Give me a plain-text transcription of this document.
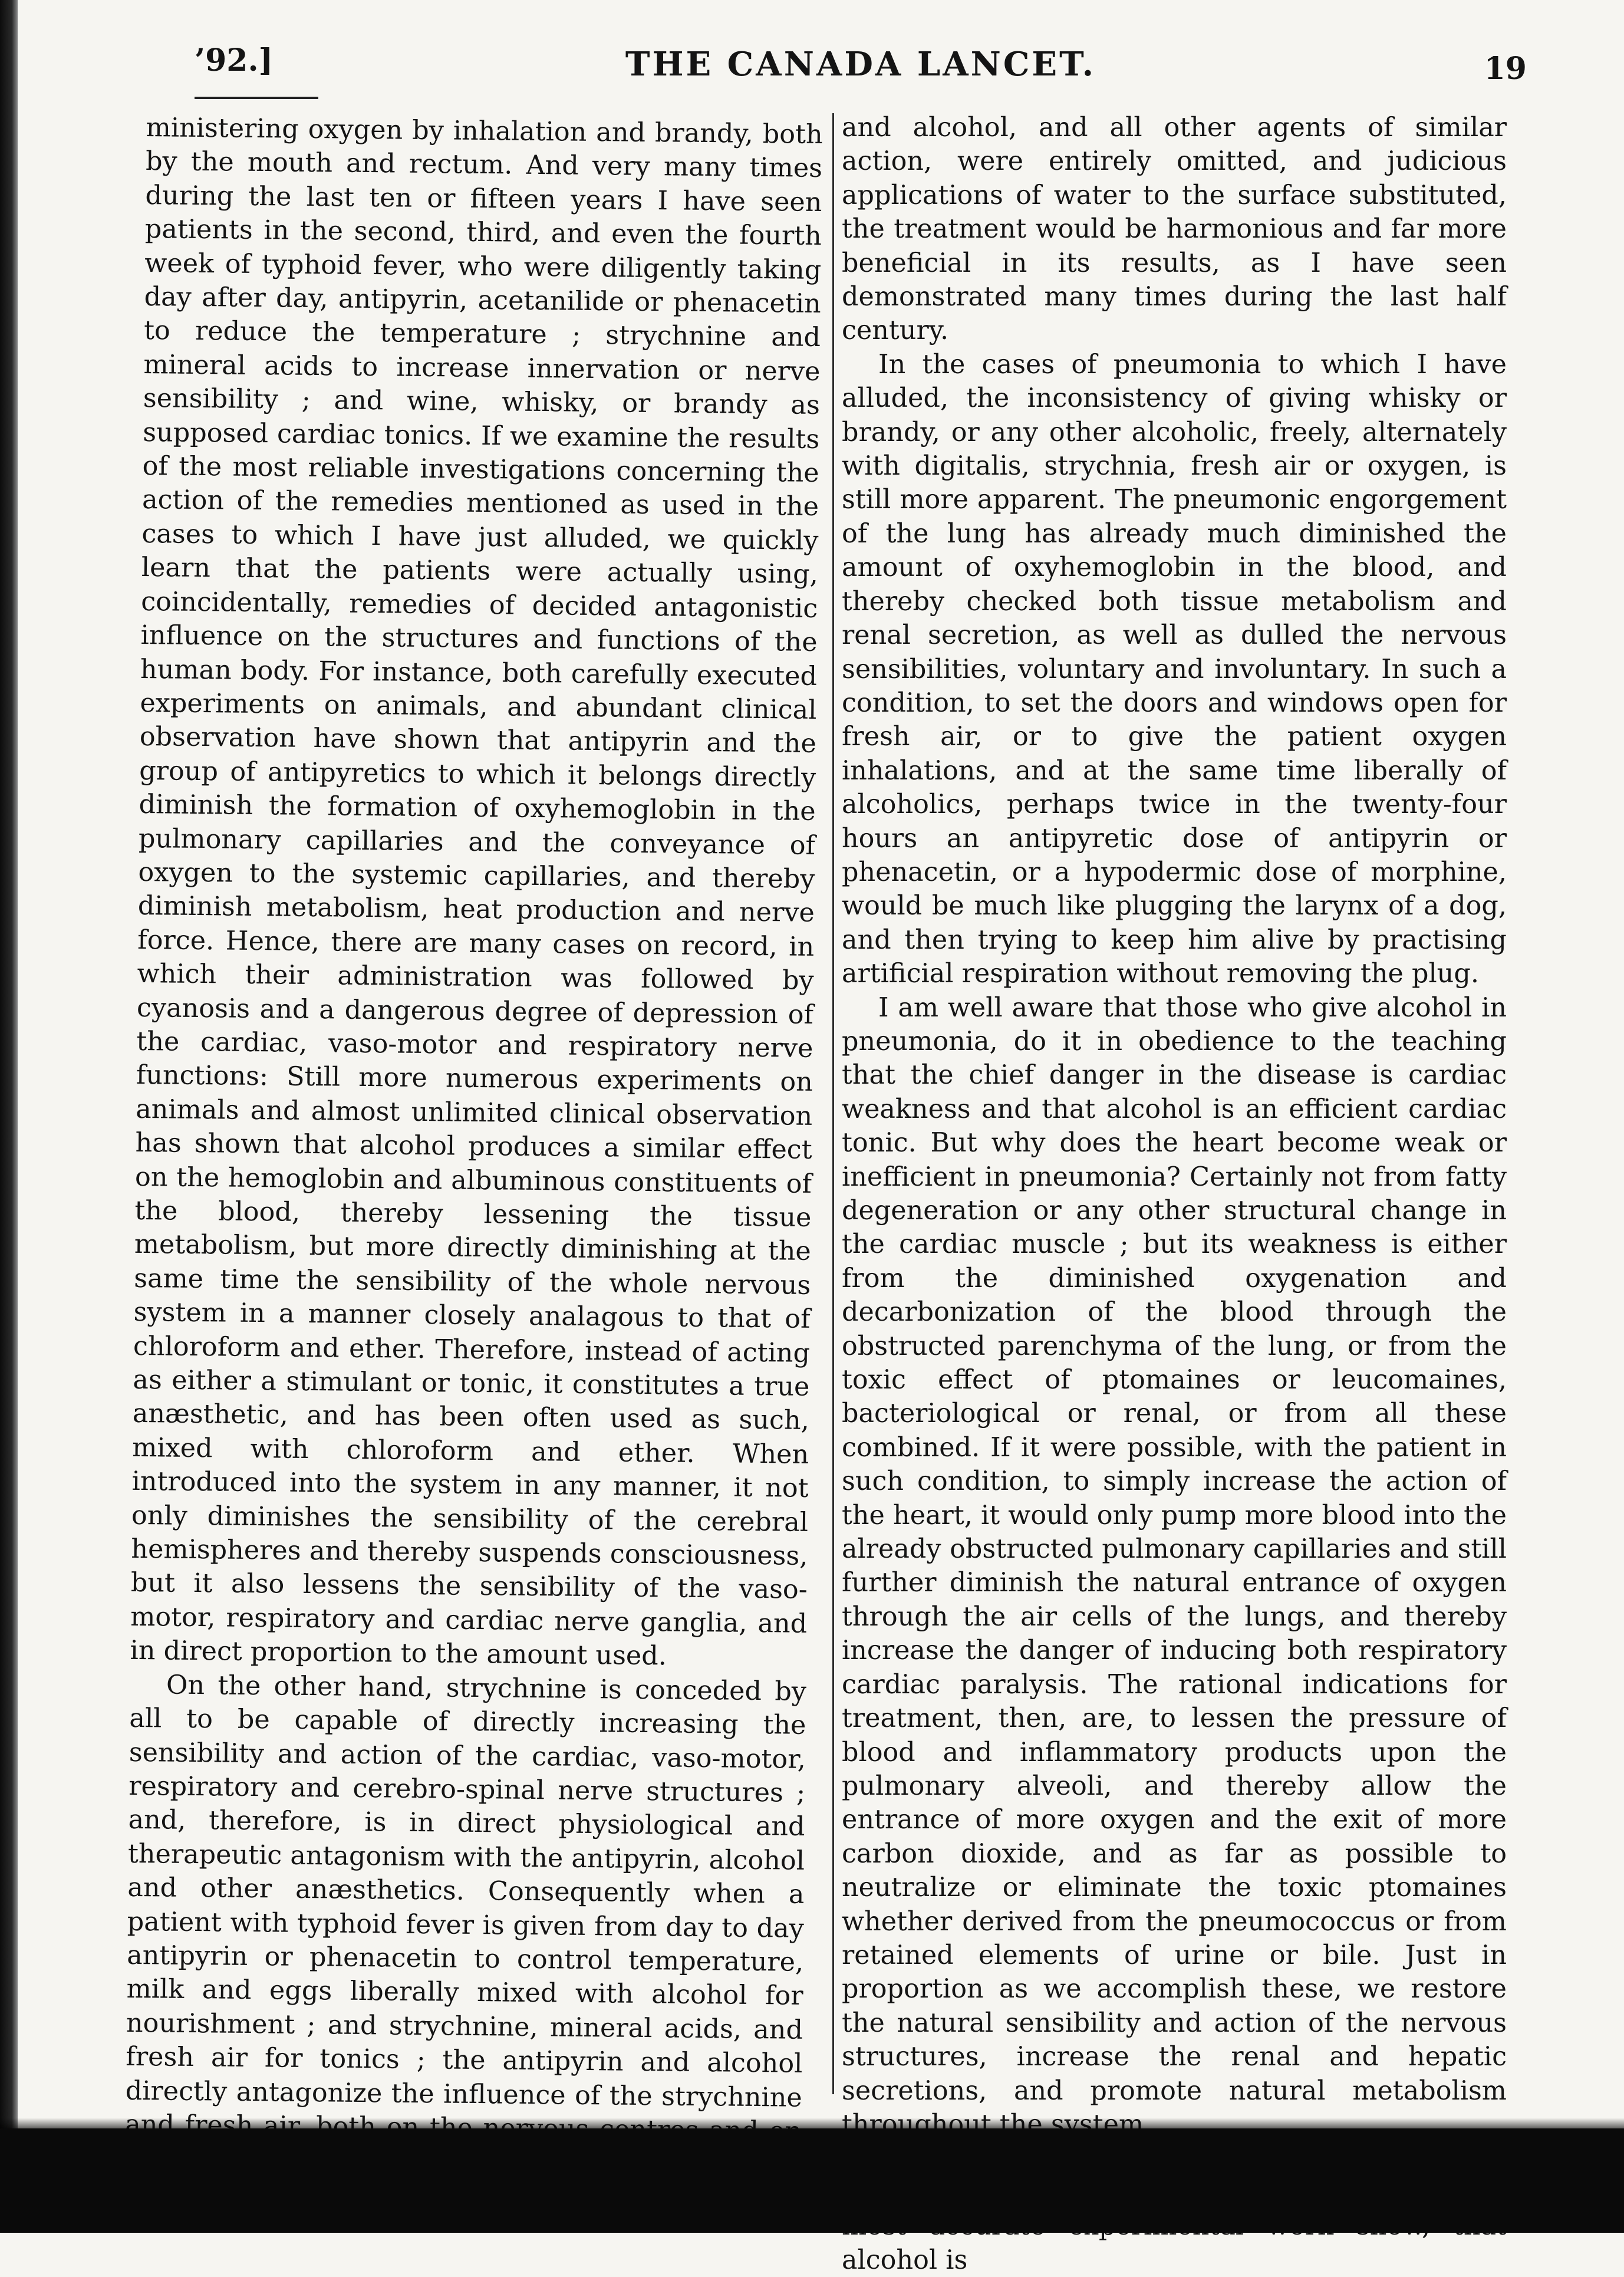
’92.]	THE CANADA LANCET.	19

ministering oxygen by inhalation and brandy, both by the mouth and rectum. And very many times during the last ten or fifteen years I have seen patients in the second, third, and even the fourth week of typhoid fever, who were diligently taking day after day, antipyrin, acetanilide or phenacetin to reduce the temperature ; strychnine and mineral acids to increase innervation or nerve sensibility ; and wine, whisky, or brandy as supposed cardiac tonics. If we examine the results of the most reliable investigations concerning the action of the remedies mentioned as used in the cases to which I have just alluded, we quickly learn that the patients were actually using, coincidentally, remedies of decided antagonistic influence on the structures and functions of the human body. For instance, both carefully executed experiments on animals, and abundant clinical observation have shown that antipyrin and the group of antipyretics to which it belongs directly diminish the formation of oxyhemoglobin in the pulmonary capillaries and the conveyance of oxygen to the systemic capillaries, and thereby diminish metabolism, heat production and nerve force. Hence, there are many cases on record, in which their administration was followed by cyanosis and a dangerous degree of depression of the cardiac, vaso-motor and respiratory nerve functions: Still more numerous experiments on animals and almost unlimited clinical observation has shown that alcohol produces a similar effect on the hemoglobin and albuminous constituents of the blood, thereby lessening the tissue metabolism, but more directly diminishing at the same time the sensibility of the whole nervous system in a manner closely analagous to that of chloroform and ether. Therefore, instead of acting as either a stimulant or tonic, it constitutes a true anæsthetic, and has been often used as such, mixed with chloroform and ether. When introduced into the system in any manner, it not only diminishes the sensibility of the cerebral hemispheres and thereby suspends consciousness, but it also lessens the sensibility of the vaso-motor, respiratory and cardiac nerve ganglia, and in direct proportion to the amount used.

On the other hand, strychnine is conceded by all to be capable of directly increasing the sensibility and action of the cardiac, vaso-motor, respiratory and cerebro-spinal nerve structures ; and, therefore, is in direct physiological and therapeutic antagonism with the antipyrin, alcohol and other anæsthetics. Consequently when a patient with typhoid fever is given from day to day antipyrin or phenacetin to control temperature, milk and eggs liberally mixed with alcohol for nourishment ; and strychnine, mineral acids, and fresh air for tonics ; the antipyrin and alcohol directly antagonize the influence of the strychnine

and alcohol, and all other agents of similar action, were entirely omitted, and judicious applications of water to the surface substituted, the treatment would be harmonious and far more beneficial in its results, as I have seen demonstrated many times during the last half century.

In the cases of pneumonia to which I have alluded, the inconsistency of giving whisky or brandy, or any other alcoholic, freely, alternately with digitalis, strychnia, fresh air or oxygen, is still more apparent. The pneumonic engorgement of the lung has already much diminished the amount of oxyhemoglobin in the blood, and thereby checked both tissue metabolism and renal secretion, as well as dulled the nervous sensibilities, voluntary and involuntary. In such a condition, to set the doors and windows open for fresh air, or to give the patient oxygen inhalations, and at the same time liberally of alcoholics, perhaps twice in the twenty-four hours an antipyretic dose of antipyrin or phenacetin, or a hypodermic dose of morphine, would be much like plugging the larynx of a dog, and then trying to keep him alive by practising artificial respiration without removing the plug.

I am well aware that those who give alcohol in pneumonia, do it in obedience to the teaching that the chief danger in the disease is cardiac weakness and that alcohol is an efficient cardiac tonic. But why does the heart become weak or inefficient in pneumonia? Certainly not from fatty degeneration or any other structural change in the cardiac muscle ; but its weakness is either from the diminished oxygenation and decarbonization of the blood through the obstructed parenchyma of the lung, or from the toxic effect of ptomaines or leucomaines, bacteriological or renal, or from all these combined. If it were possible, with the patient in such condition, to simply increase the action of the heart, it would only pump more blood into the already obstructed pulmonary capillaries and still further diminish the natural entrance of oxygen through the air cells of the lungs, and thereby increase the danger of inducing both respiratory cardiac paralysis. The rational indications for treatment, then, are, to lessen the pressure of blood and inflammatory products upon the pulmonary alveoli, and thereby allow the entrance of more oxygen and the exit of more carbon dioxide, and as far as possible to neutralize or eliminate the toxic ptomaines whether derived from the pneumococcus or from retained elements of urine or bile. Just in proportion as we accomplish these, we restore the natural sensibility and action of the nervous structures, increase the renal and hepatic secretions, and promote natural metabolism

alcohol is
